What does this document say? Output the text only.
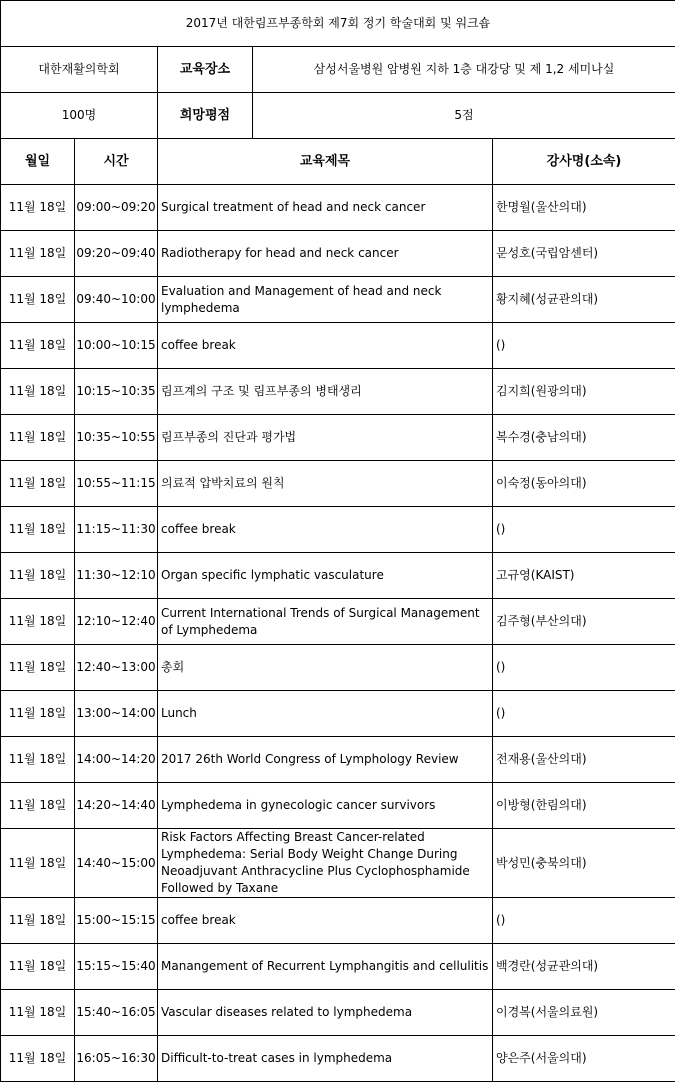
2017년 대한림프부종학회 제7회 정기 학술대회 및 워크숍				
대한재활의학회		교육장소	삼성서울병원 암병원 지하 1층 대강당 및 제 1,2 세미나실	
100명		희망평점	5점	
월일	시간	교육제목		강사명(소속)
11월 18일	09:00~09:20	Surgical treatment of head and neck cancer		한명월(울산의대)
11월 18일	09:20~09:40	Radiotherapy for head and neck cancer		문성호(국립암센터)
11월 18일	09:40~10:00	Evaluation and Management of head and neck lymphedema		황지혜(성균관의대)
11월 18일	10:00~10:15	coffee break		()
11월 18일	10:15~10:35	림프계의 구조 및 림프부종의 병태생리		김지희(원광의대)
11월 18일	10:35~10:55	림프부종의 진단과 평가법		복수경(충남의대)
11월 18일	10:55~11:15	의료적 압박치료의 원칙		이숙정(동아의대)
11월 18일	11:15~11:30	coffee break		()
11월 18일	11:30~12:10	Organ specific lymphatic vasculature		고규영(KAIST)
11월 18일	12:10~12:40	Current International Trends of Surgical Management of Lymphedema		김주형(부산의대)
11월 18일	12:40~13:00	총회		()
11월 18일	13:00~14:00	Lunch		()
11월 18일	14:00~14:20	2017 26th World Congress of Lymphology Review		전재용(울산의대)
11월 18일	14:20~14:40	Lymphedema in gynecologic cancer survivors		이방형(한림의대)
11월 18일	14:40~15:00	Risk Factors Affecting Breast Cancer-related Lymphedema: Serial Body Weight Change During Neoadjuvant Anthracycline Plus Cyclophosphamide Followed by Taxane		박성민(충북의대)
11월 18일	15:00~15:15	coffee break		()
11월 18일	15:15~15:40	Manangement of Recurrent Lymphangitis and cellulitis		백경란(성균관의대)
11월 18일	15:40~16:05	Vascular diseases related to lymphedema		이경복(서울의료원)
11월 18일	16:05~16:30	Difficult-to-treat cases in lymphedema		양은주(서울의대)
